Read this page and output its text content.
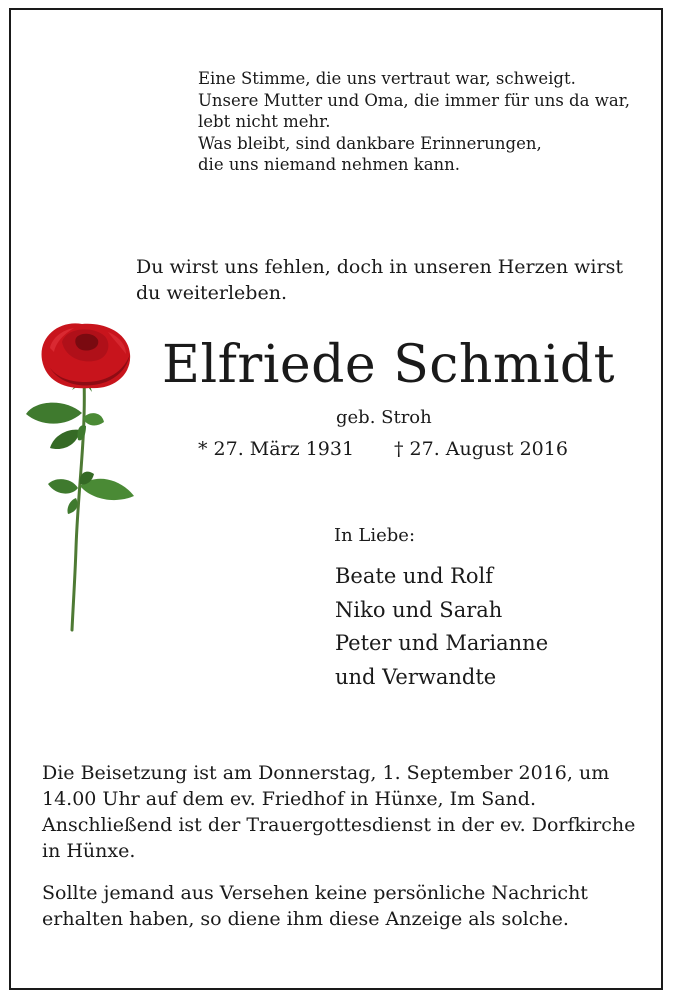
Eine Stimme, die uns vertraut war, schweigt.
Unsere Mutter und Oma, die immer für uns da war,
lebt nicht mehr.
Was bleibt, sind dankbare Erinnerungen,
die uns niemand nehmen kann.
Du wirst uns fehlen, doch in unseren Herzen wirst
du weiterleben.
Elfriede Schmidt
geb. Stroh
* 27. März 1931 † 27. August 2016
In Liebe:
Beate und Rolf
Niko und Sarah
Peter und Marianne
und Verwandte
Die Beisetzung ist am Donnerstag, 1. September 2016, um
14.00 Uhr auf dem ev. Friedhof in Hünxe, Im Sand.
Anschließend ist der Trauergottesdienst in der ev. Dorfkirche
in Hünxe.
Sollte jemand aus Versehen keine persönliche Nachricht
erhalten haben, so diene ihm diese Anzeige als solche.
